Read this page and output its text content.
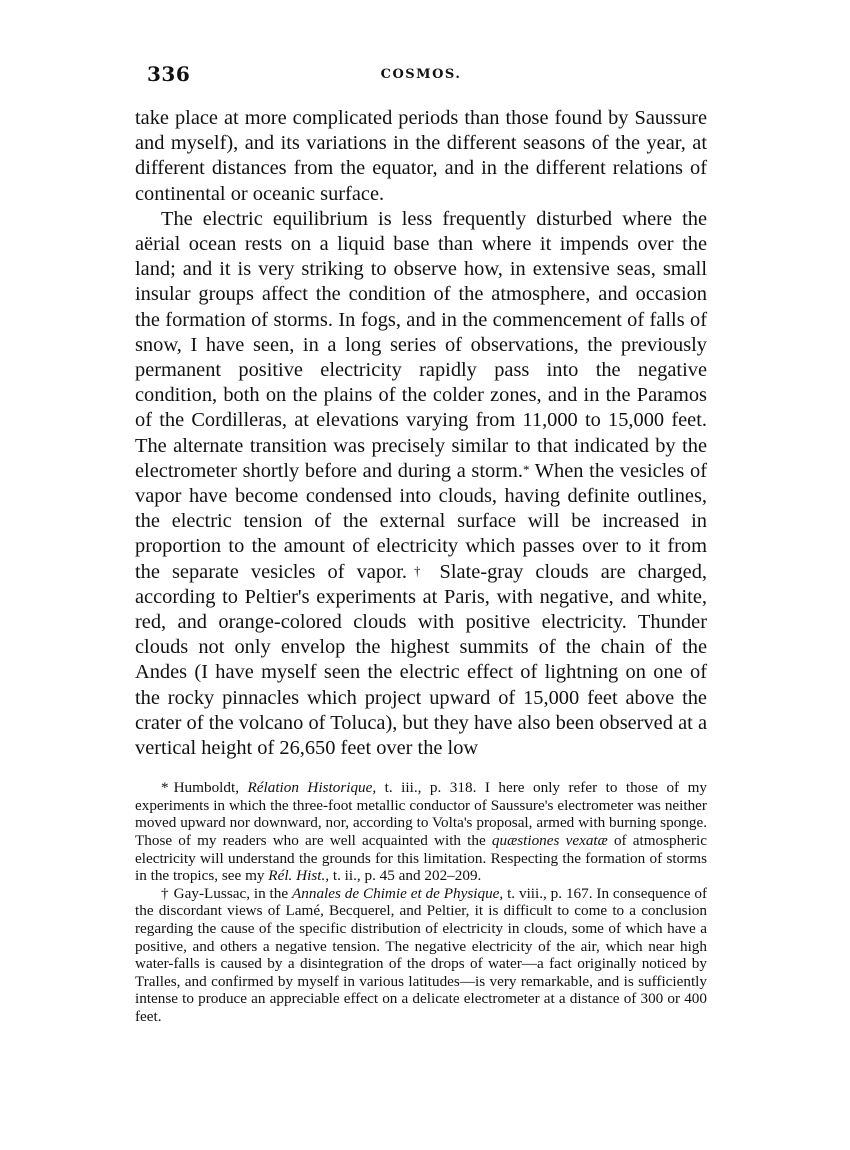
336	COSMOS.

take place at more complicated periods than those found by Saussure and myself), and its variations in the different seasons of the year, at different distances from the equator, and in the different relations of continental or oceanic surface.

The electric equilibrium is less frequently disturbed where the aërial ocean rests on a liquid base than where it impends over the land; and it is very striking to observe how, in extensive seas, small insular groups affect the condition of the atmosphere, and occasion the formation of storms. In fogs, and in the commencement of falls of snow, I have seen, in a long series of observations, the previously permanent positive electricity rapidly pass into the negative condition, both on the plains of the colder zones, and in the Paramos of the Cordilleras, at elevations varying from 11,000 to 15,000 feet. The alternate transition was precisely similar to that indicated by the electrometer shortly before and during a storm.* When the vesicles of vapor have become condensed into clouds, having definite outlines, the electric tension of the external surface will be increased in proportion to the amount of electricity which passes over to it from the separate vesicles of vapor.† Slate-gray clouds are charged, according to Peltier's experiments at Paris, with negative, and white, red, and orange-colored clouds with positive electricity. Thunder clouds not only envelop the highest summits of the chain of the Andes (I have myself seen the electric effect of lightning on one of the rocky pinnacles which project upward of 15,000 feet above the crater of the volcano of Toluca), but they have also been observed at a vertical height of 26,650 feet over the low

* Humboldt, Rélation Historique, t. iii., p. 318. I here only refer to those of my experiments in which the three-foot metallic conductor of Saussure's electrometer was neither moved upward nor downward, nor, according to Volta's proposal, armed with burning sponge. Those of my readers who are well acquainted with the quæstiones vexatæ of atmospheric electricity will understand the grounds for this limitation. Respecting the formation of storms in the tropics, see my Rél. Hist., t. ii., p. 45 and 202–209.

† Gay-Lussac, in the Annales de Chimie et de Physique, t. viii., p. 167. In consequence of the discordant views of Lamé, Becquerel, and Peltier, it is difficult to come to a conclusion regarding the cause of the specific distribution of electricity in clouds, some of which have a positive, and others a negative tension. The negative electricity of the air, which near high water-falls is caused by a disintegration of the drops of water—a fact originally noticed by Tralles, and confirmed by myself in various latitudes—is very remarkable, and is sufficiently intense to produce an appreciable effect on a delicate electrometer at a distance of 300 or 400 feet.
